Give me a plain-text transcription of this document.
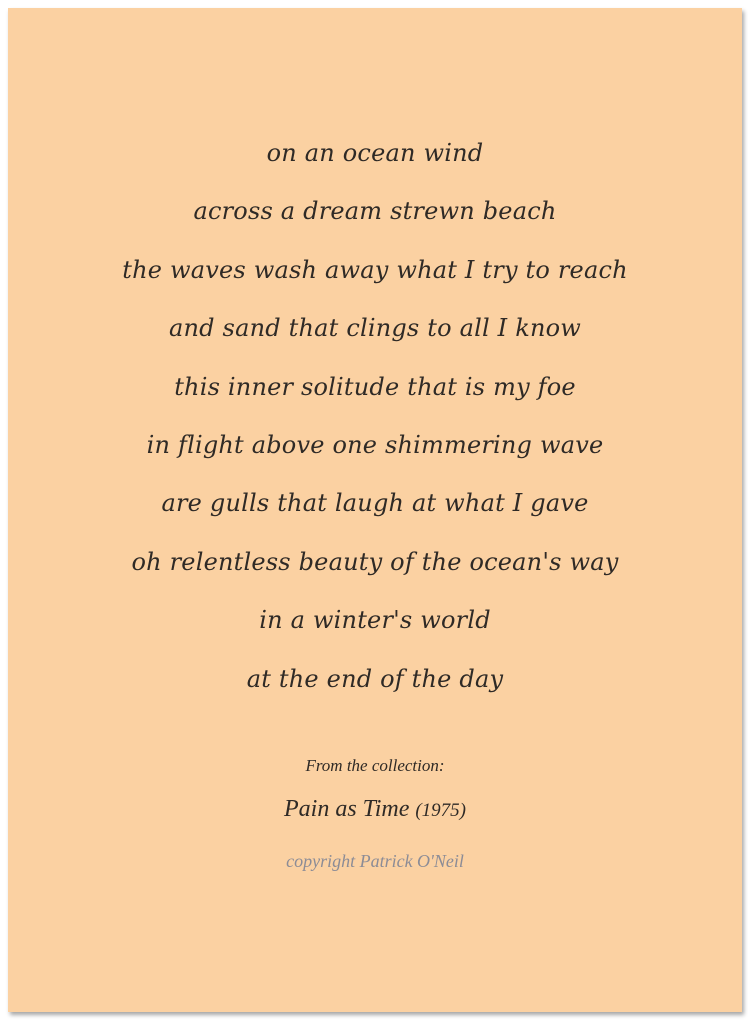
on an ocean wind
across a dream strewn beach
the waves wash away what I try to reach
and sand that clings to all I know
this inner solitude that is my foe
in flight above one shimmering wave
are gulls that laugh at what I gave
oh relentless beauty of the ocean's way
in a winter's world
at the end of the day
From the collection:
Pain as Time (1975)
copyright Patrick O'Neil
